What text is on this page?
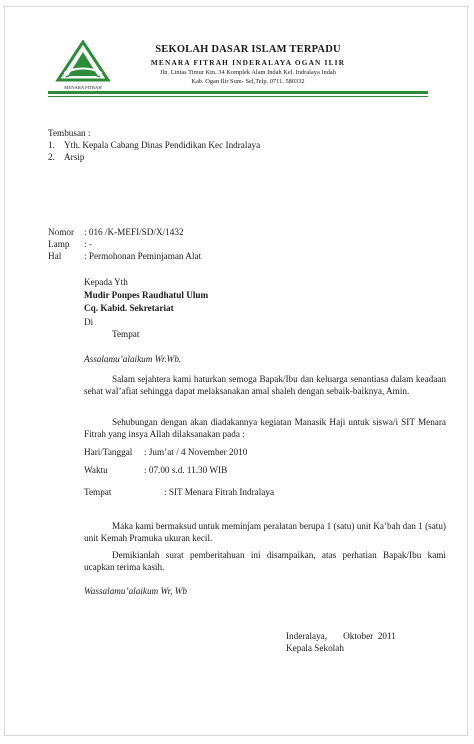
MENARA FITRAH
SEKOLAH DASAR ISLAM TERPADU
MENARA FITRAH INDERALAYA OGAN ILIR
Jln. Lintas Timur Km. 34 Komplek Alam Indah Kel. Indralaya Indah
Kab. Ogan Ilir Sum- Sel,Telp. 0711. 580332
Tembusan :
1. Yth. Kepala Cabang Dinas Pendidikan Kec Indralaya
2. Arsip
Nomor : 016 /K-MEFI/SD/X/1432
Lamp : -
Hal : Permohonan Peminjaman Alat
Kepada Yth
Mudir Ponpes Raudhatul Ulum
Cq. Kabid. Sekretariat
Di
Tempat
Assalamu’alaikum Wr.Wb.
Salam sejahtera kami haturkan semoga Bapak/Ibu dan keluarga senantiasa dalam keadaan sehat wal’afiat sehingga dapat melaksanakan amal shaleh dengan sebaik-baiknya, Amin.
Sehubungan dengan akan diadakannya kegiatan Manasik Haji untuk siswa/i SIT Menara Fitrah yang insya Allah dilaksanakan pada :
Hari/Tanggal : Jum’at / 4 November 2010
Waktu	: 07.00 s.d. 11.30 WIB
Tempat	: SIT Menara Fitrah Indralaya
Maka kami bermaksud untuk meminjam peralatan berupa 1 (satu) unit Ka’bah dan 1 (satu) unit Kemah Pramuka ukuran kecil.
Demikianlah surat pemberitahuan ini disampaikan, atas perhatian Bapak/Ibu kami ucapkan terima kasih.
Wassalamu’alaikum Wr, Wb
Inderalaya,       Oktober  2011
Kepala Sekolah
